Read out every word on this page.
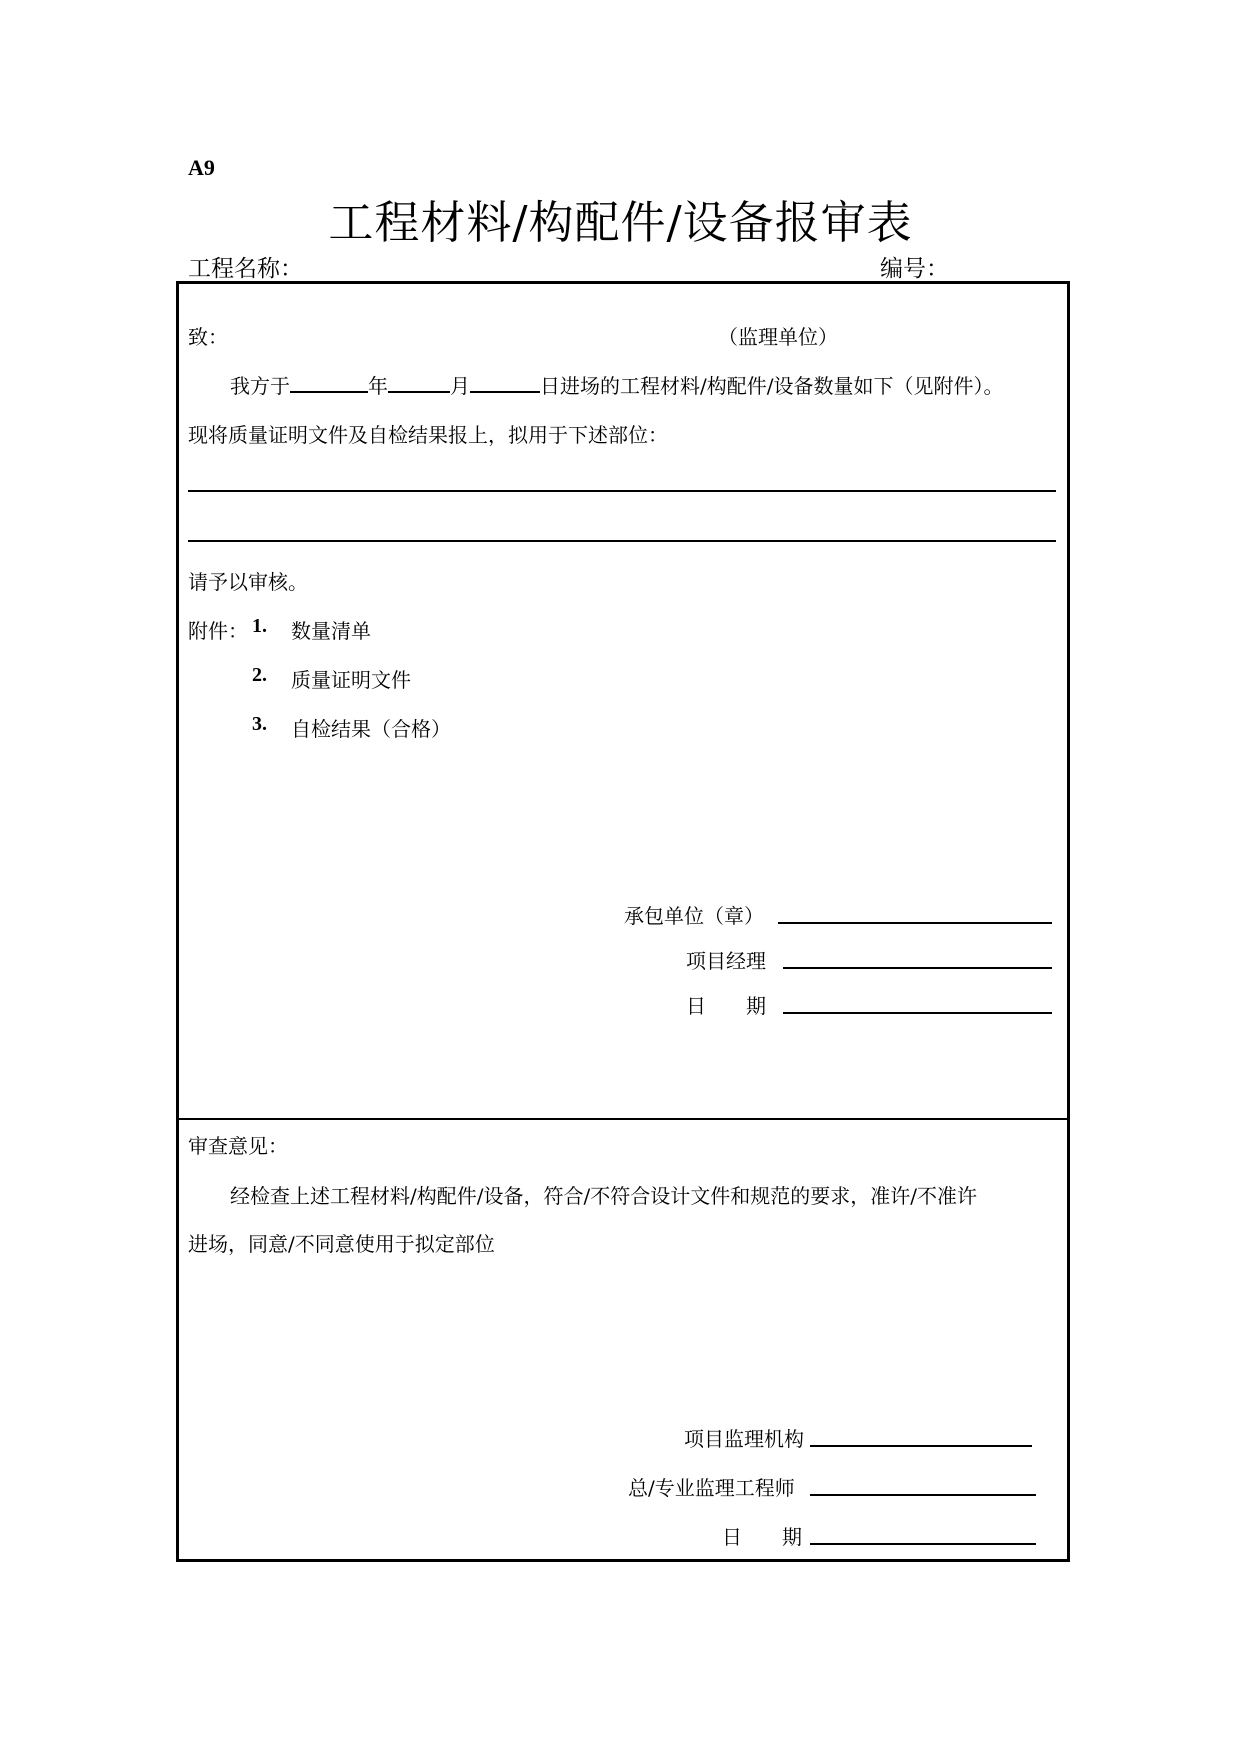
A9
工程材料/构配件/设备报审表
工程名称：	编号：
致：	（监理单位）
我方于	年	月	日进场的工程材料/构配件/设备数量如下（见附件）。
现将质量证明文件及自检结果报上，拟用于下述部位：
请予以审核。
附件： 1. 数量清单
2. 质量证明文件
3. 自检结果（合格）
承包单位（章）
项目经理
日　　期
审查意见：
经检查上述工程材料/构配件/设备，符合/不符合设计文件和规范的要求，准许/不准许
进场，同意/不同意使用于拟定部位
项目监理机构
总/专业监理工程师
日　　期
